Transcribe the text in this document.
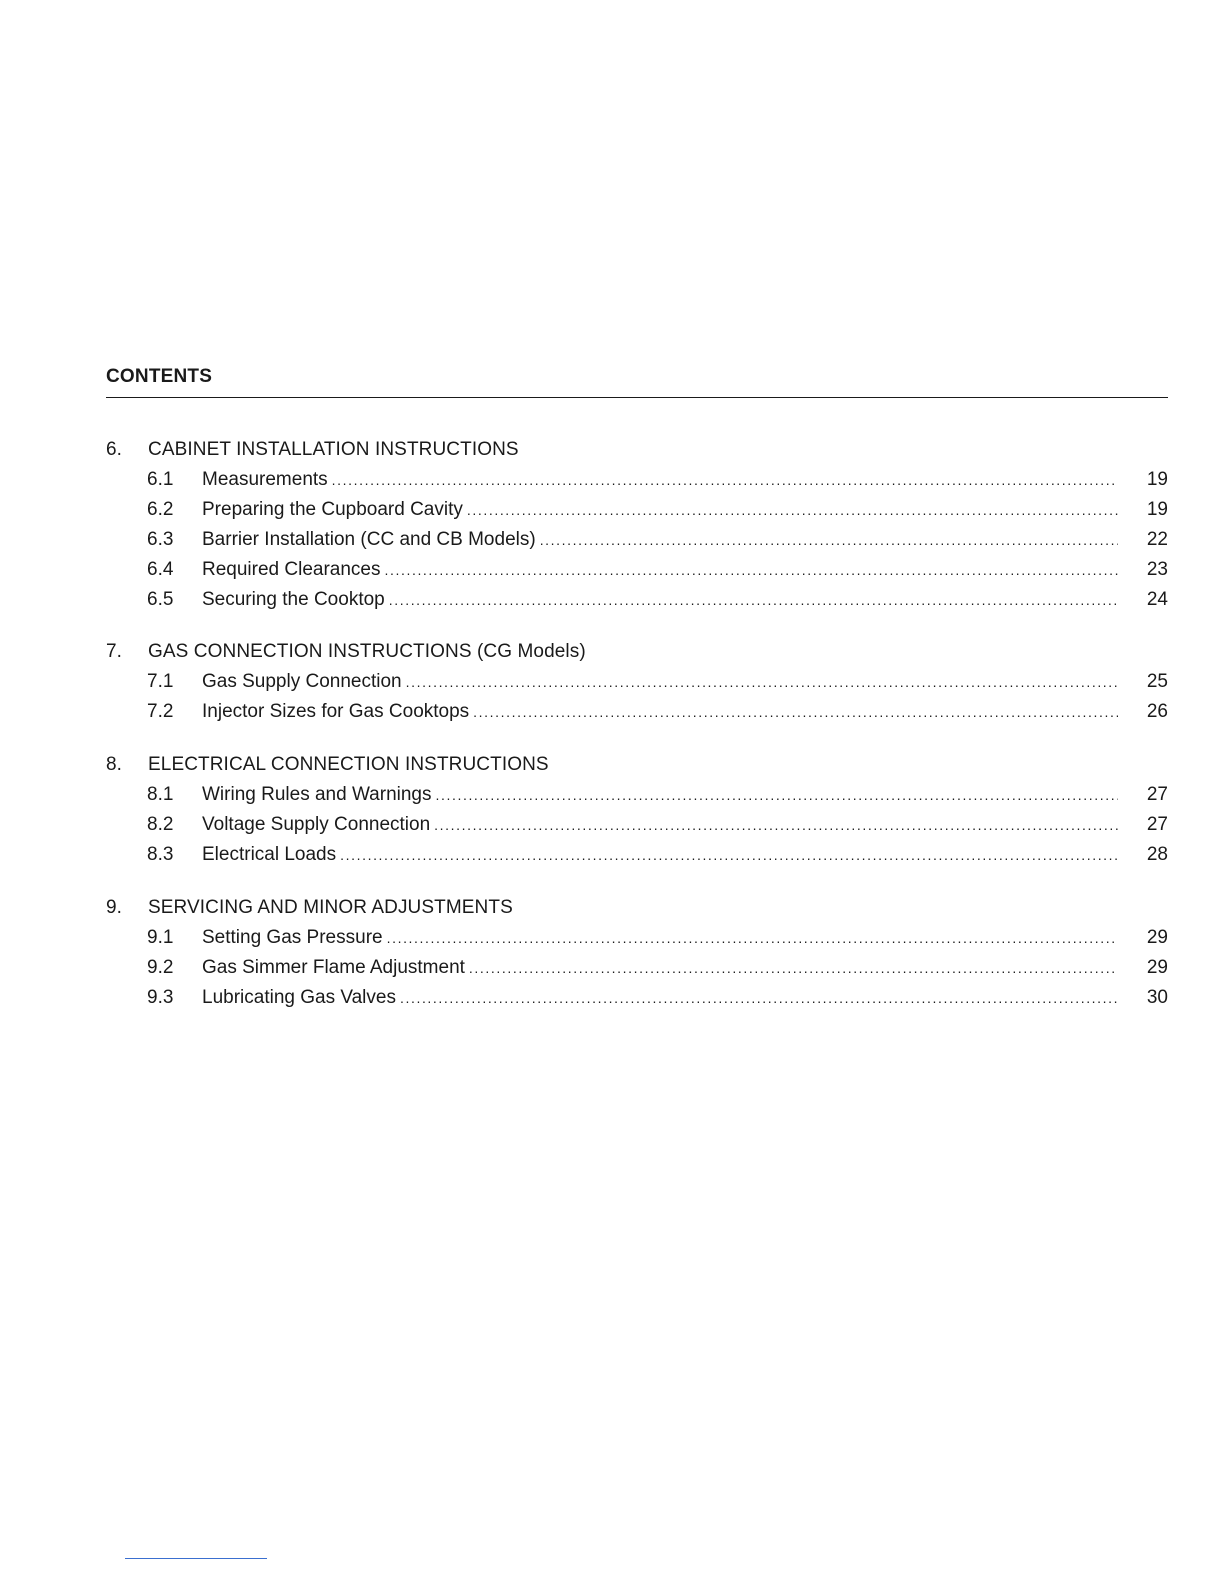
CONTENTS
6. CABINET INSTALLATION INSTRUCTIONS
6.1 Measurements .....	19
6.2 Preparing the Cupboard Cavity .....	19
6.3 Barrier Installation (CC and CB Models) .....	22
6.4 Required Clearances .....	23
6.5 Securing the Cooktop .....	24
7. GAS CONNECTION INSTRUCTIONS (CG Models)
7.1 Gas Supply Connection .....	25
7.2 Injector Sizes for Gas Cooktops .....	26
8. ELECTRICAL CONNECTION INSTRUCTIONS
8.1 Wiring Rules and Warnings .....	27
8.2 Voltage Supply Connection .....	27
8.3 Electrical Loads .....	28
9. SERVICING AND MINOR ADJUSTMENTS
9.1 Setting Gas Pressure .....	29
9.2 Gas Simmer Flame Adjustment .....	29
9.3 Lubricating Gas Valves .....	30
